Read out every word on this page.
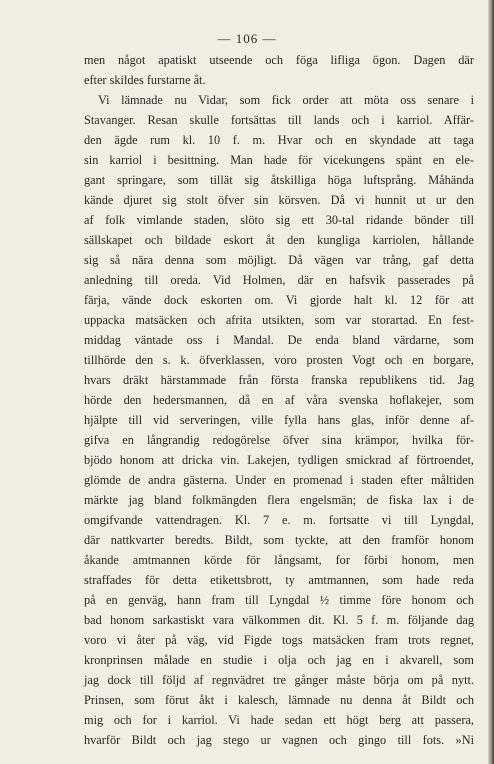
— 106 —
men något apatiskt utseende och föga lifliga ögon. Dagen där
efter skildes furstarne åt.
Vi lämnade nu Vidar, som fick order att möta oss senare i
Stavanger. Resan skulle fortsättas till lands och i karriol. Affär-
den ägde rum kl. 10 f. m. Hvar och en skyndade att taga
sin karriol i besittning. Man hade för vicekungens spänt en ele-
gant springare, som tillät sig åtskilliga höga luftsprång. Måhända
kände djuret sig stolt öfver sin körsven. Då vi hunnit ut ur den
af folk vimlande staden, slöto sig ett 30-tal ridande bönder till
sällskapet och bildade eskort åt den kungliga karriolen, hållande
sig så nära denna som möjligt. Då vägen var trång, gaf detta
anledning till oreda. Vid Holmen, där en hafsvik passerades på
färja, vände dock eskorten om. Vi gjorde halt kl. 12 för att
uppacka matsäcken och afrita utsikten, som var storartad. En fest-
middag väntade oss i Mandal. De enda bland värdarne, som
tillhörde den s. k. öfverklassen, voro prosten Vogt och en borgare,
hvars dräkt härstammade från första franska republikens tid. Jag
hörde den hedersmannen, då en af våra svenska hoflakejer, som
hjälpte till vid serveringen, ville fylla hans glas, inför denne af-
gifva en långrandig redogörelse öfver sina krämpor, hvilka för-
bjödo honom att dricka vin. Lakejen, tydligen smickrad af förtroendet,
glömde de andra gästerna. Under en promenad i staden efter måltiden
märkte jag bland folkmängden flera engelsmän; de fiska lax i de
omgifvande vattendragen. Kl. 7 e. m. fortsatte vi till Lyngdal,
där nattkvarter beredts. Bildt, som tyckte, att den framför honom
åkande amtmannen körde för långsamt, for förbi honom, men
straffades för detta etikettsbrott, ty amtmannen, som hade reda
på en genväg, hann fram till Lyngdal ½ timme före honom och
bad honom sarkastiskt vara välkommen dit. Kl. 5 f. m. följande dag
voro vi åter på väg, vid Figde togs matsäcken fram trots regnet,
kronprinsen målade en studie i olja och jag en i akvarell, som
jag dock till följd af regnvädret tre gånger måste börja om på nytt.
Prinsen, som förut åkt i kalesch, lämnade nu denna åt Bildt och
mig och for i karriol. Vi hade sedan ett högt berg att passera,
hvarför Bildt och jag stego ur vagnen och gingo till fots. »Ni
